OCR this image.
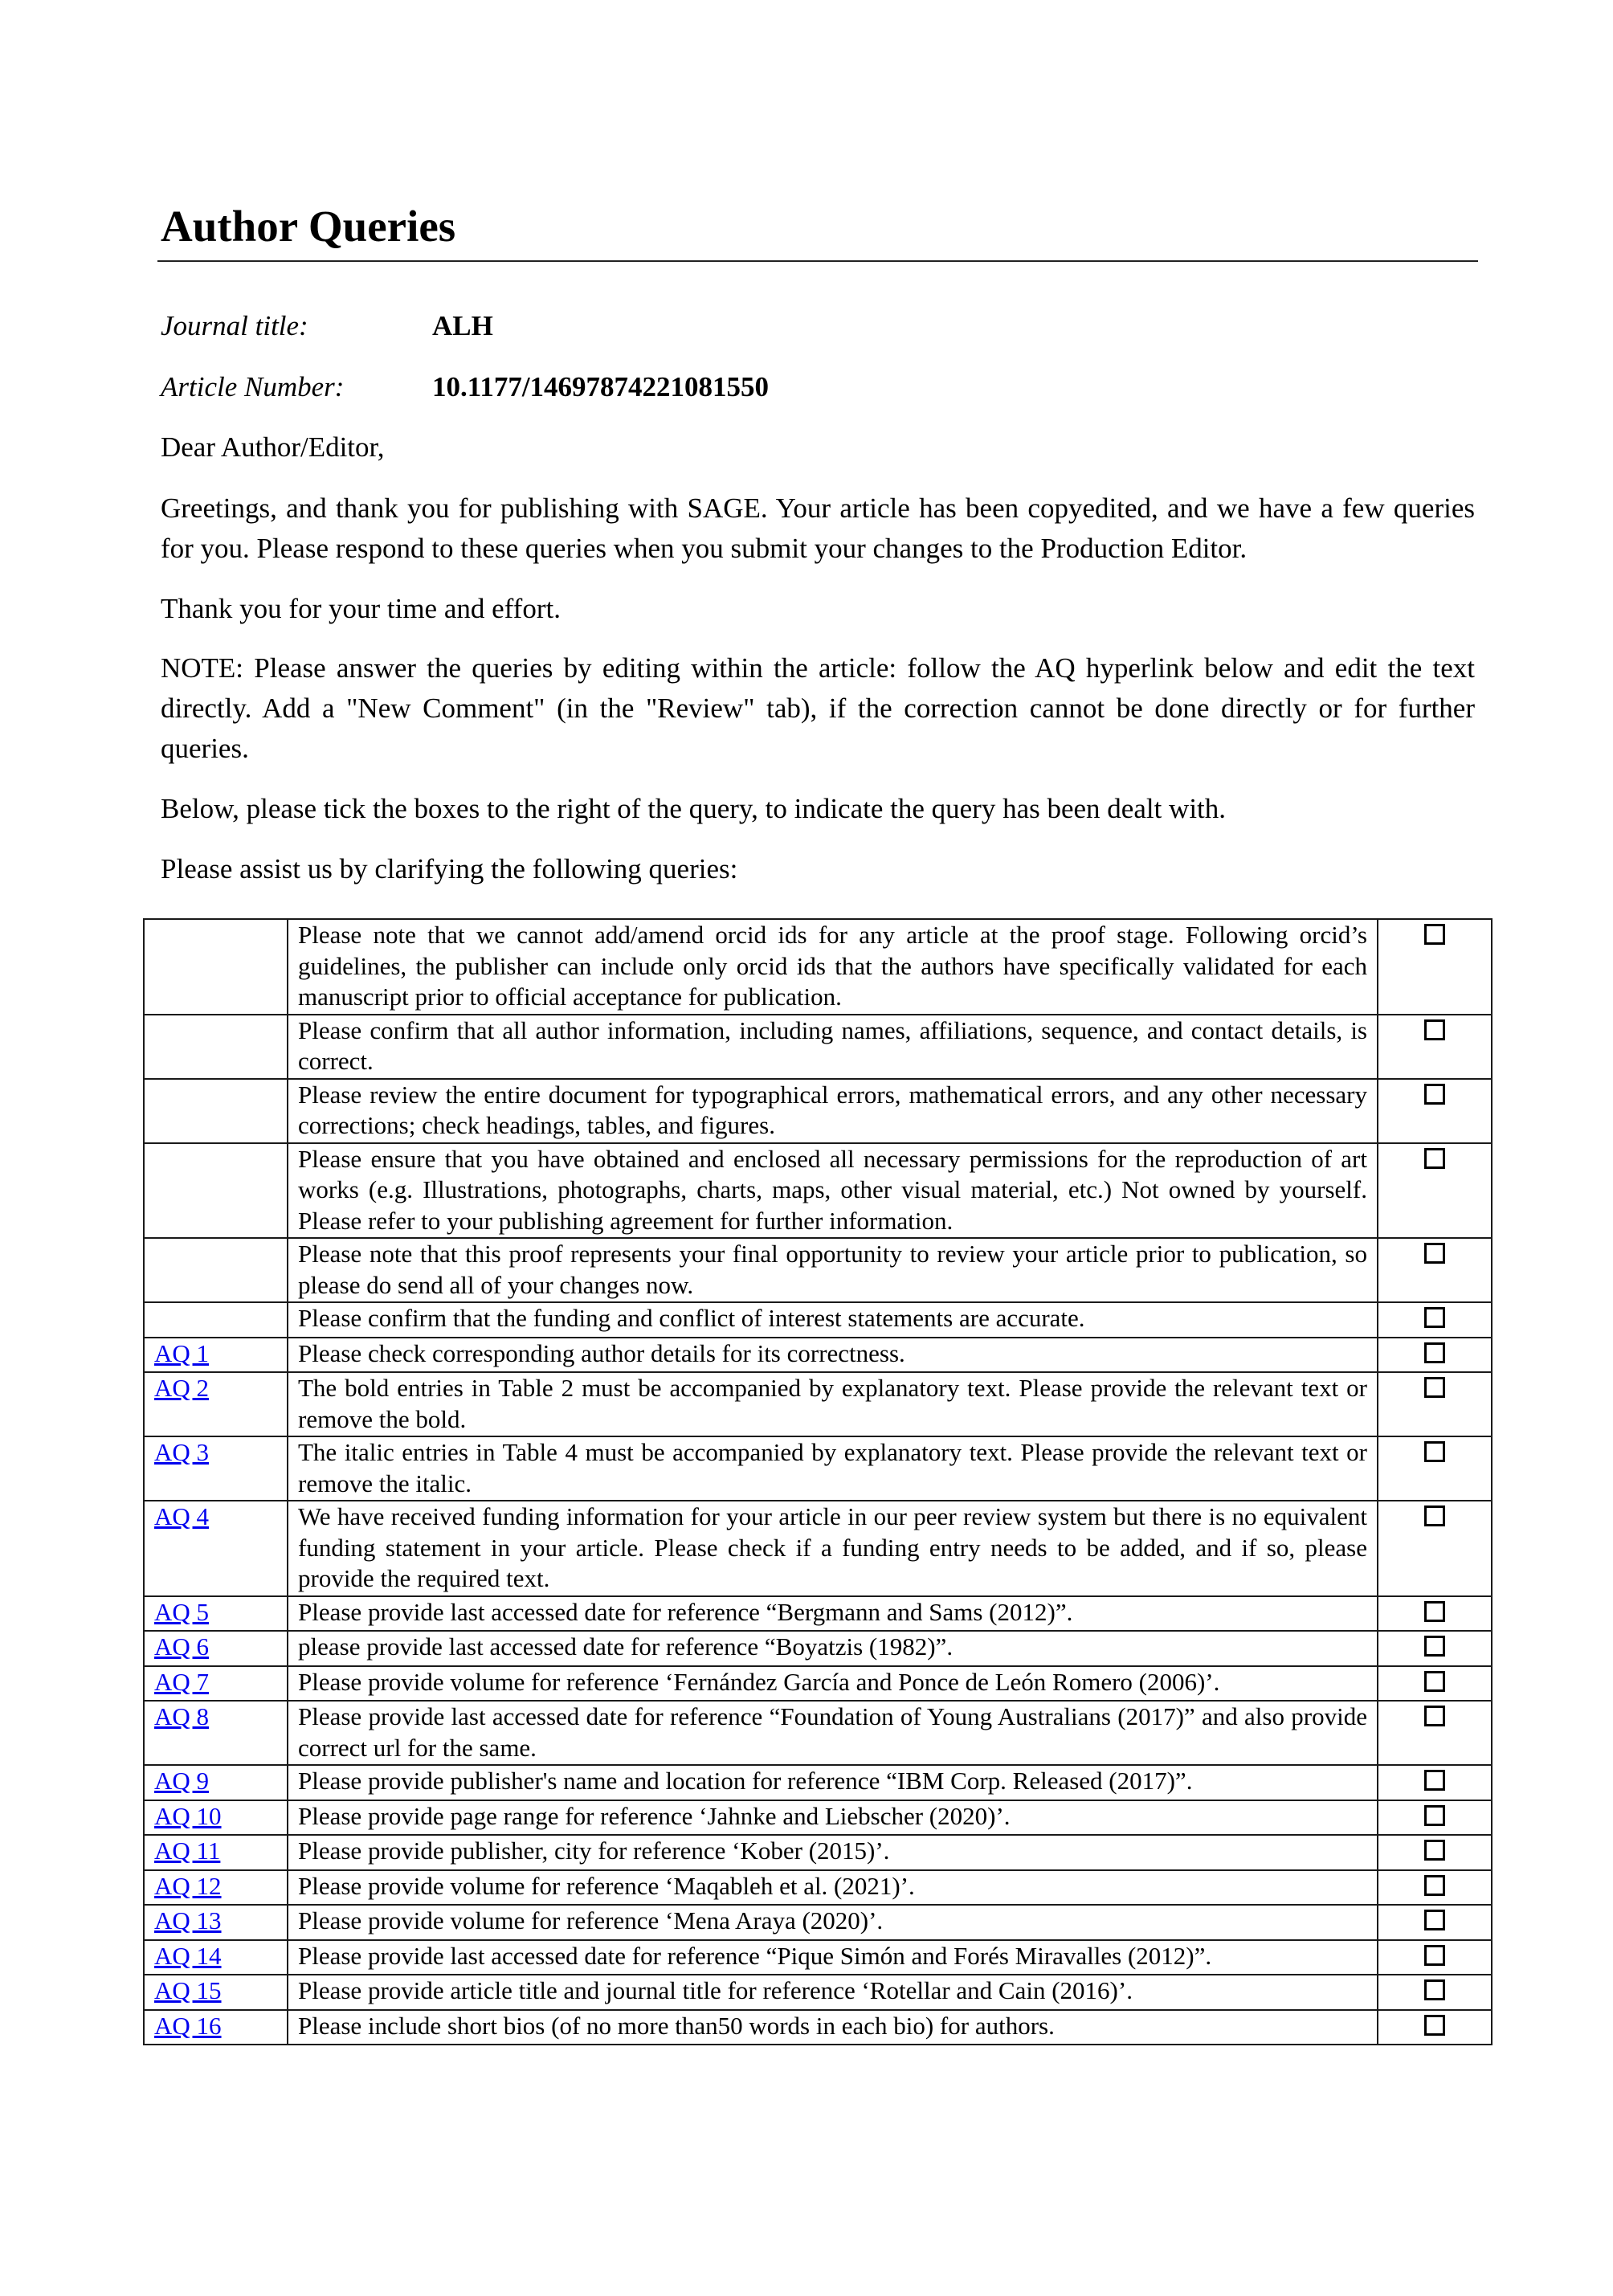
Author Queries
Journal title:	ALH
Article Number:	10.1177/14697874221081550
Dear Author/Editor,
Greetings, and thank you for publishing with SAGE. Your article has been copyedited, and we have a few queries for you. Please respond to these queries when you submit your changes to the Production Editor.
Thank you for your time and effort.
NOTE: Please answer the queries by editing within the article: follow the AQ hyperlink below and edit the text directly. Add a "New Comment" (in the "Review" tab), if the correction cannot be done directly or for further queries.
Below, please tick the boxes to the right of the query, to indicate the query has been dealt with.
Please assist us by clarifying the following queries:
	Please note that we cannot add/amend orcid ids for any article at the proof stage. Following orcid’s guidelines, the publisher can include only orcid ids that the authors have specifically validated for each manuscript prior to official acceptance for publication.	
	Please confirm that all author information, including names, affiliations, sequence, and contact details, is correct.	
	Please review the entire document for typographical errors, mathematical errors, and any other necessary corrections; check headings, tables, and figures.	
	Please ensure that you have obtained and enclosed all necessary permissions for the reproduction of art works (e.g. Illustrations, photographs, charts, maps, other visual material, etc.) Not owned by yourself. Please refer to your publishing agreement for further information.	
	Please note that this proof represents your final opportunity to review your article prior to publication, so please do send all of your changes now.	
	Please confirm that the funding and conflict of interest statements are accurate.	
AQ 1	Please check corresponding author details for its correctness.	
AQ 2	The bold entries in Table 2 must be accompanied by explanatory text. Please provide the relevant text or remove the bold.	
AQ 3	The italic entries in Table 4 must be accompanied by explanatory text. Please provide the relevant text or remove the italic.	
AQ 4	We have received funding information for your article in our peer review system but there is no equivalent funding statement in your article. Please check if a funding entry needs to be added, and if so, please provide the required text.	
AQ 5	Please provide last accessed date for reference “Bergmann and Sams (2012)”.	
AQ 6	please provide last accessed date for reference “Boyatzis (1982)”.	
AQ 7	Please provide volume for reference ‘Fernández García and Ponce de León Romero (2006)’.	
AQ 8	Please provide last accessed date for reference “Foundation of Young Australians (2017)” and also provide correct url for the same.	
AQ 9	Please provide publisher's name and location for reference “IBM Corp. Released (2017)”.	
AQ 10	Please provide page range for reference ‘Jahnke and Liebscher (2020)’.	
AQ 11	Please provide publisher, city for reference ‘Kober (2015)’.	
AQ 12	Please provide volume for reference ‘Maqableh et al. (2021)’.	
AQ 13	Please provide volume for reference ‘Mena Araya (2020)’.	
AQ 14	Please provide last accessed date for reference “Pique Simón and Forés Miravalles (2012)”.	
AQ 15	Please provide article title and journal title for reference ‘Rotellar and Cain (2016)’.	
AQ 16	Please include short bios (of no more than50 words in each bio) for authors.	
